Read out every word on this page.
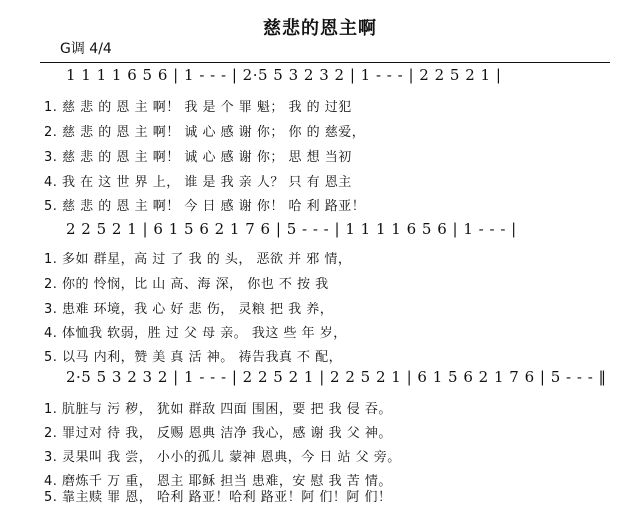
慈悲的恩主啊
G调 4/4
1 1 1 1 6 5 6 | 1 - - - | 2·5 5 3 2 3 2 | 1 - - - | 2 2 5 2 1 |
1. 慈 悲 的 恩 主 啊！ 我 是 个 罪 魁； 我 的 过犯
2. 慈 悲 的 恩 主 啊！ 诚 心 感 谢 你； 你 的 慈爱，
3. 慈 悲 的 恩 主 啊！ 诚 心 感 谢 你； 思 想 当初
4. 我 在 这 世 界 上， 谁 是 我 亲 人？ 只 有 恩主
5. 慈 悲 的 恩 主 啊！ 今 日 感 谢 你！ 哈 利 路亚！
2 2 5 2 1 | 6 1 5 6 2 1 7 6 | 5 - - - | 1 1 1 1 6 5 6 | 1 - - - |
1. 多如 群星，高 过 了 我 的 头， 恶欲 并 邪 情，
2. 你的 怜悯，比 山 高、海 深， 你也 不 按 我
3. 患难 环境，我 心 好 悲 伤， 灵粮 把 我 养，
4. 体恤我 软弱，胜 过 父 母 亲。 我这 些 年 岁，
5. 以马 内利，赞 美 真 活 神。 祷告我真 不 配，
2·5 5 3 2 3 2 | 1 - - - | 2 2 5 2 1 | 2 2 5 2 1 | 6 1 5 6 2 1 7 6 | 5 - - - ‖
1. 肮脏与 污 秽， 犹如 群敌 四面 围困，要 把 我 侵 吞。
2. 罪过对 待 我， 反赐 恩典 洁净 我心，感 谢 我 父 神。
3. 灵果叫 我 尝， 小小的孤儿 蒙神 恩典，今 日 站 父 旁。
4. 磨炼千 万 重， 恩主 耶稣 担当 患难，安 慰 我 苦 情。
5. 靠主赎 罪 恩， 哈利 路亚！哈利 路亚！阿 们！阿 们！
